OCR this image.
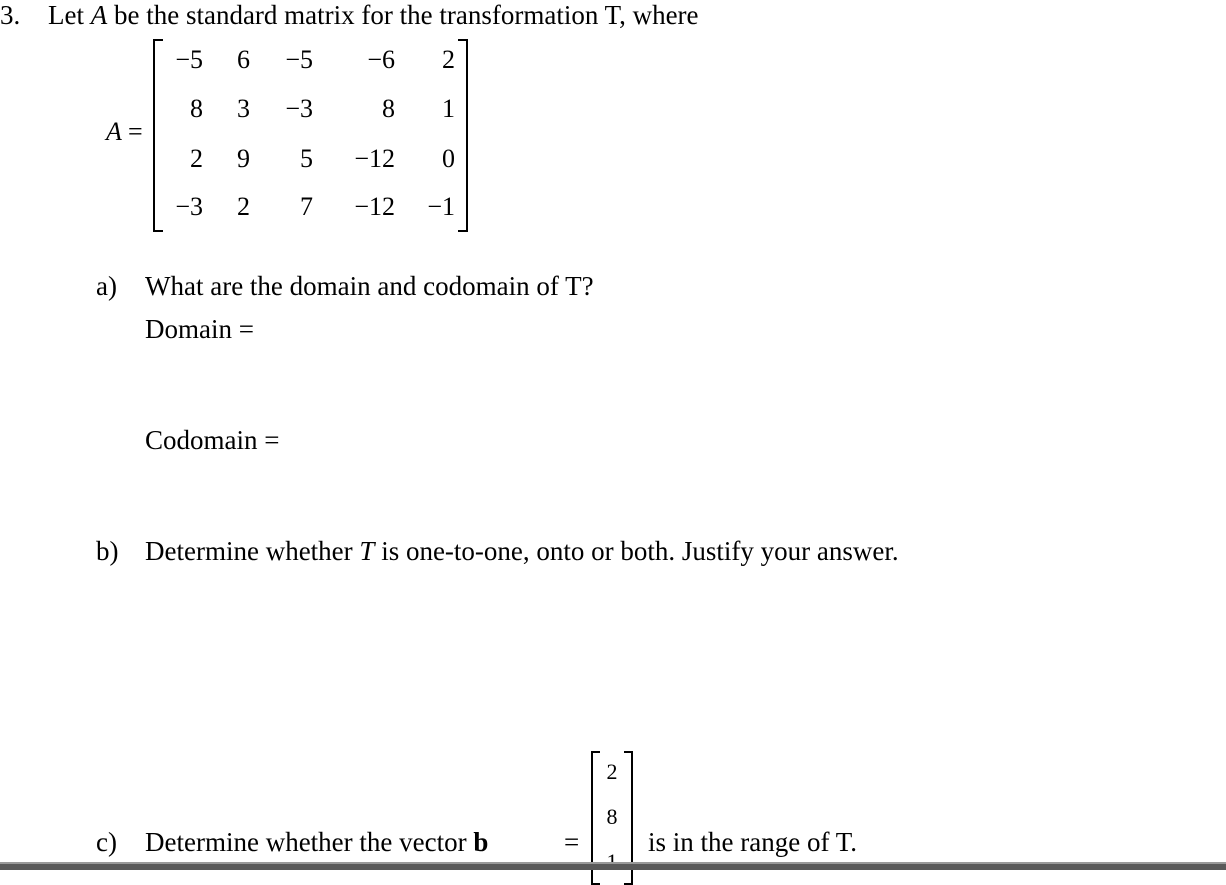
3. Let A be the standard matrix for the transformation T, where
A =
−5	6	−5	−6	2
8	3	−3	8	1
2	9	5	−12	0
−3	2	7	−12	−1
a) What are the domain and codomain of T?
Domain =
Codomain =
b) Determine whether T is one-to-one, onto or both. Justify your answer.
c) Determine whether the vector b	=
2
8
is in the range of T.
